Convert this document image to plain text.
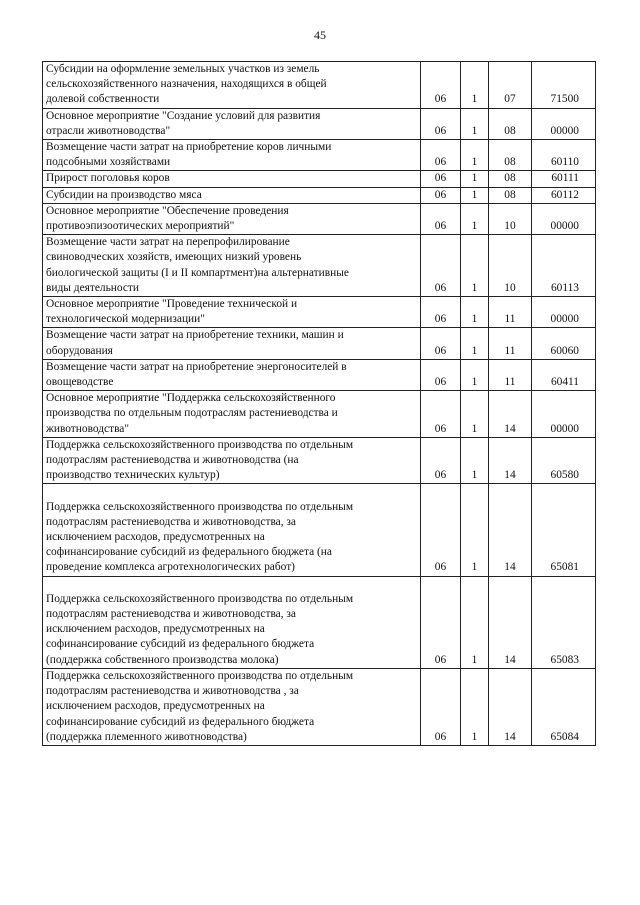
45
Субсидии на оформление земельных участков из земель
сельскохозяйственного назначения, находящихся в общей
долевой собственности	06	1	07	71500

Основное мероприятие "Создание условий для развития
отрасли животноводства"	06	1	08	00000

Возмещение части затрат на приобретение коров личными
подсобными хозяйствами	06	1	08	60110

Прирост поголовья коров	06	1	08	60111

Субсидии на производство мяса	06	1	08	60112

Основное мероприятие "Обеспечение проведения
противоэпизоотических мероприятий"	06	1	10	00000

Возмещение части затрат на перепрофилирование
свиноводческих хозяйств, имеющих низкий уровень
биологической защиты (I и II компартмент)на альтернативные
виды деятельности	06	1	10	60113

Основное мероприятие "Проведение технической и
технологической модернизации"	06	1	11	00000

Возмещение части затрат на приобретение техники, машин и
оборудования	06	1	11	60060

Возмещение части затрат на приобретение энергоносителей в
овощеводстве	06	1	11	60411

Основное мероприятие "Поддержка сельскохозяйственного
производства по отдельным подотраслям растениеводства и
животноводства"	06	1	14	00000

Поддержка сельскохозяйственного производства по отдельным
подотраслям растениеводства и животноводства (на
производство технических культур)	06	1	14	60580

Поддержка сельскохозяйственного производства по отдельным
подотраслям растениеводства и животноводства, за
исключением расходов, предусмотренных на
софинансирование субсидий из федерального бюджета (на
проведение комплекса агротехнологических работ)	06	1	14	65081

Поддержка сельскохозяйственного производства по отдельным
подотраслям растениеводства и животноводства, за
исключением расходов, предусмотренных на
софинансирование субсидий из федерального бюджета
(поддержка собственного производства молока)	06	1	14	65083

Поддержка сельскохозяйственного производства по отдельным
подотраслям растениеводства и животноводства , за
исключением расходов, предусмотренных на
софинансирование субсидий из федерального бюджета
(поддержка племенного животноводства)	06	1	14	65084
